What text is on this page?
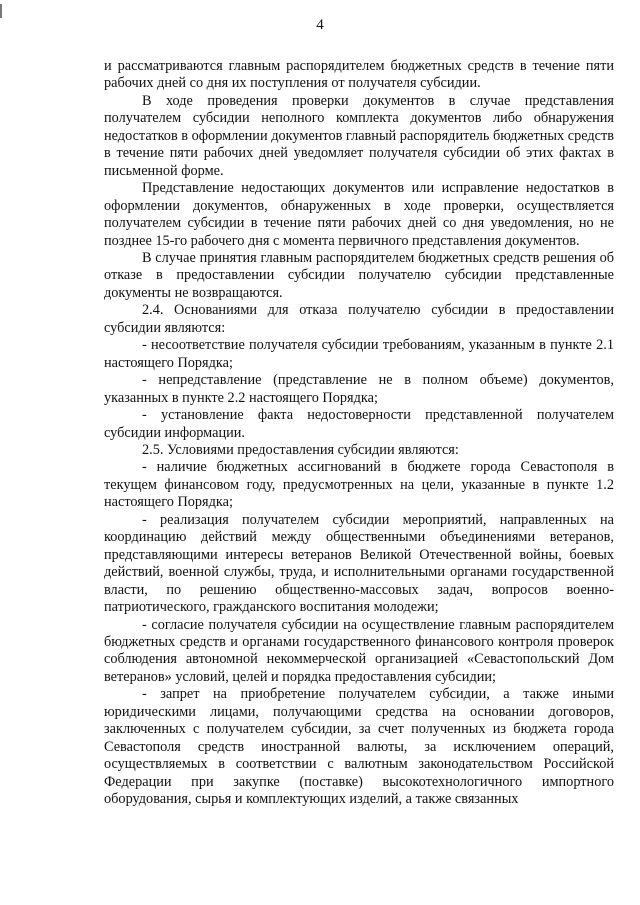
4

и рассматриваются главным распорядителем бюджетных средств в течение пяти рабочих дней со дня их поступления от получателя субсидии.

В ходе проведения проверки документов в случае представления получателем субсидии неполного комплекта документов либо обнаружения недостатков в оформлении документов главный распорядитель бюджетных средств в течение пяти рабочих дней уведомляет получателя субсидии об этих фактах в письменной форме.

Представление недостающих документов или исправление недостатков в оформлении документов, обнаруженных в ходе проверки, осуществляется получателем субсидии в течение пяти рабочих дней со дня уведомления, но не позднее 15-го рабочего дня с момента первичного представления документов.

В случае принятия главным распорядителем бюджетных средств решения об отказе в предоставлении субсидии получателю субсидии представленные документы не возвращаются.

2.4. Основаниями для отказа получателю субсидии в предоставлении субсидии являются:

- несоответствие получателя субсидии требованиям, указанным в пункте 2.1 настоящего Порядка;

- непредставление (представление не в полном объеме) документов, указанных в пункте 2.2 настоящего Порядка;

- установление факта недостоверности представленной получателем субсидии информации.

2.5. Условиями предоставления субсидии являются:

- наличие бюджетных ассигнований в бюджете города Севастополя в текущем финансовом году, предусмотренных на цели, указанные в пункте 1.2 настоящего Порядка;

- реализация получателем субсидии мероприятий, направленных на координацию действий между общественными объединениями ветеранов, представляющими интересы ветеранов Великой Отечественной войны, боевых действий, военной службы, труда, и исполнительными органами государственной власти, по решению общественно-массовых задач, вопросов военно-патриотического, гражданского воспитания молодежи;

- согласие получателя субсидии на осуществление главным распорядителем бюджетных средств и органами государственного финансового контроля проверок соблюдения автономной некоммерческой организацией «Севастопольский Дом ветеранов» условий, целей и порядка предоставления субсидии;

- запрет на приобретение получателем субсидии, а также иными юридическими лицами, получающими средства на основании договоров, заключенных с получателем субсидии, за счет полученных из бюджета города Севастополя средств иностранной валюты, за исключением операций, осуществляемых в соответствии с валютным законодательством Российской Федерации при закупке (поставке) высокотехнологичного импортного оборудования, сырья и комплектующих изделий, а также связанных
